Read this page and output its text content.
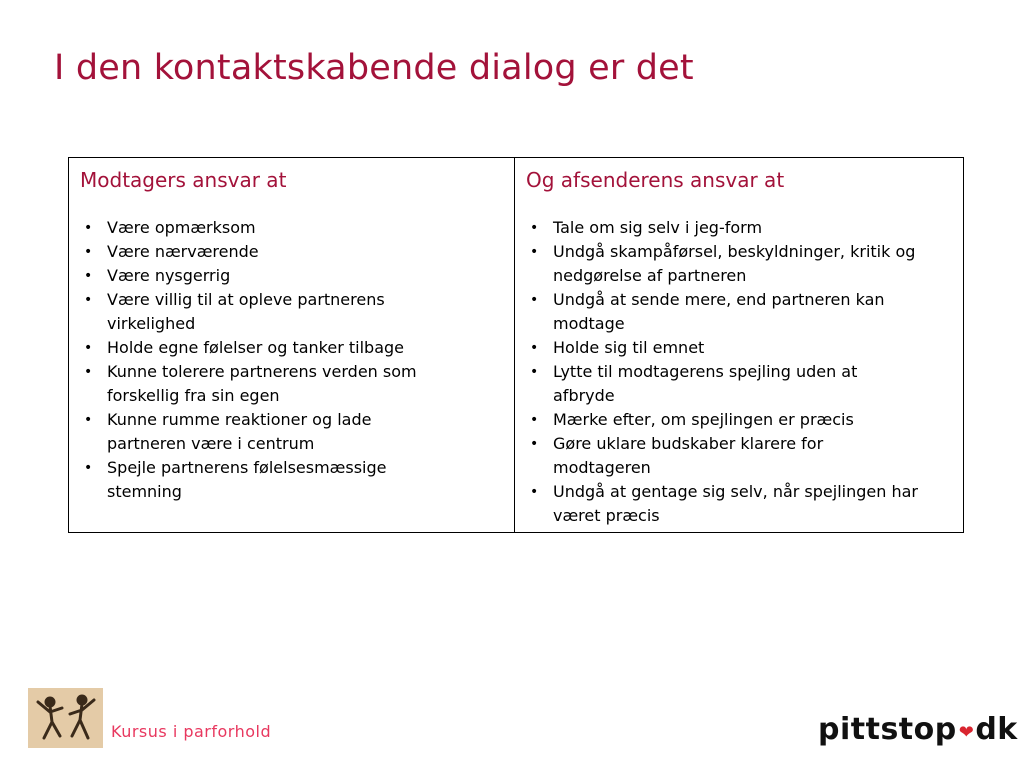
I den kontaktskabende dialog er det
Modtagers ansvar at
• Være opmærksom
• Være nærværende
• Være nysgerrig
• Være villig til at opleve partnerens virkelighed
• Holde egne følelser og tanker tilbage
• Kunne tolerere partnerens verden som forskellig fra sin egen
• Kunne rumme reaktioner og lade partneren være i centrum
• Spejle partnerens følelsesmæssige stemning
Og afsenderens ansvar at
• Tale om sig selv i jeg-form
• Undgå skampåførsel, beskyldninger, kritik og nedgørelse af partneren
• Undgå at sende mere, end partneren kan modtage
• Holde sig til emnet
• Lytte til modtagerens spejling uden at afbryde
• Mærke efter, om spejlingen er præcis
• Gøre uklare budskaber klarere for modtageren
• Undgå at gentage sig selv, når spejlingen har været præcis
Kursus i parforhold	pittstop ❤ dk
